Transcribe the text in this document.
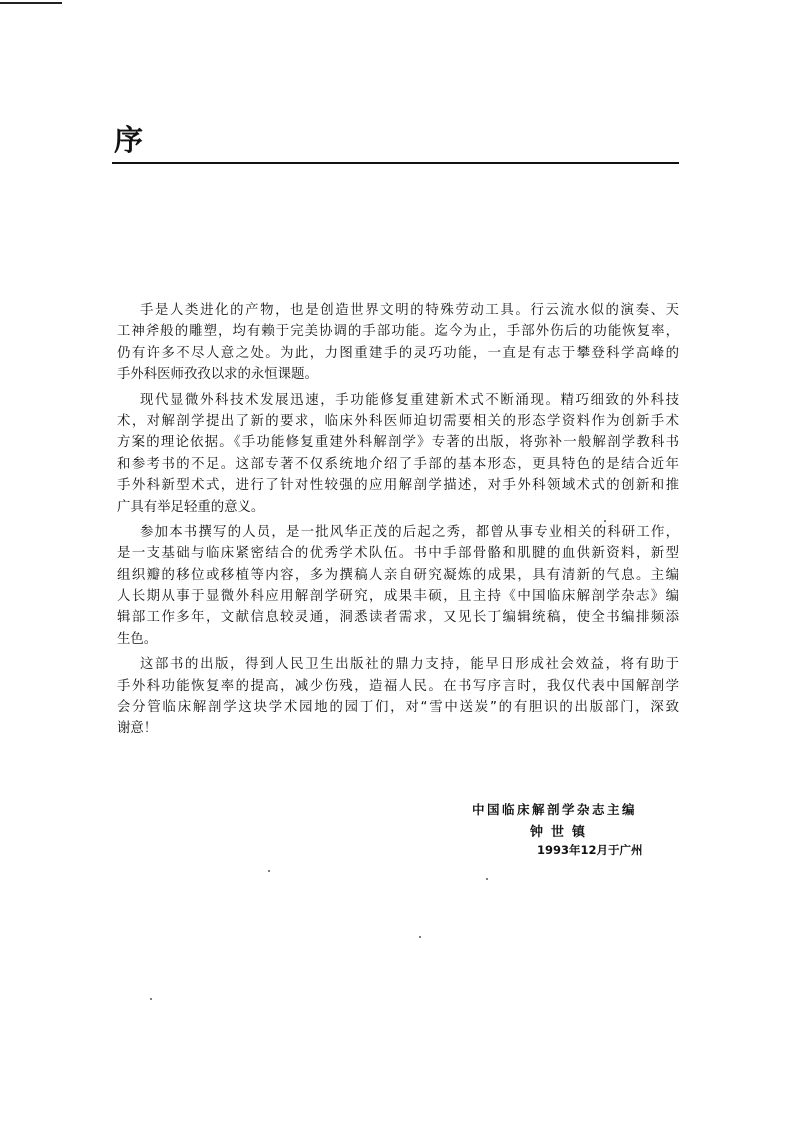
序
手是人类进化的产物，也是创造世界文明的特殊劳动工具。行云流水似的演奏、天
工神斧般的雕塑，均有赖于完美协调的手部功能。迄今为止，手部外伤后的功能恢复率，
仍有许多不尽人意之处。为此，力图重建手的灵巧功能，一直是有志于攀登科学高峰的
手外科医师孜孜以求的永恒课题。
现代显微外科技术发展迅速，手功能修复重建新术式不断涌现。精巧细致的外科技
术，对解剖学提出了新的要求，临床外科医师迫切需要相关的形态学资料作为创新手术
方案的理论依据。《手功能修复重建外科解剖学》专著的出版，将弥补一般解剖学教科书
和参考书的不足。这部专著不仅系统地介绍了手部的基本形态，更具特色的是结合近年
手外科新型术式，进行了针对性较强的应用解剖学描述，对手外科领域术式的创新和推
广具有举足轻重的意义。
参加本书撰写的人员，是一批风华正茂的后起之秀，都曾从事专业相关的科研工作，
是一支基础与临床紧密结合的优秀学术队伍。书中手部骨骼和肌腱的血供新资料，新型
组织瓣的移位或移植等内容，多为撰稿人亲自研究凝炼的成果，具有清新的气息。主编
人长期从事于显微外科应用解剖学研究，成果丰硕，且主持《中国临床解剖学杂志》编
辑部工作多年，文献信息较灵通，洞悉读者需求，又见长丁编辑统稿，使全书编排频添
生色。
这部书的出版，得到人民卫生出版社的鼎力支持，能早日形成社会效益，将有助于
手外科功能恢复率的提高，减少伤残，造福人民。在书写序言时，我仅代表中国解剖学
会分管临床解剖学这块学术园地的园丁们，对“雪中送炭”的有胆识的出版部门，深致
谢意！
中国临床解剖学杂志主编
钟世镇
1993年12月于广州
